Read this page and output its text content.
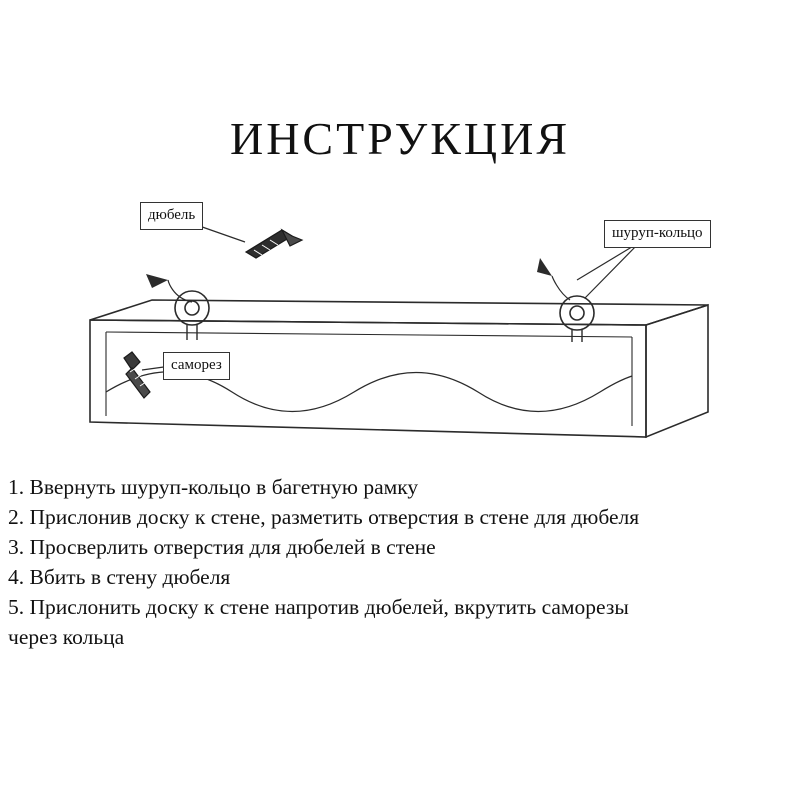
ИНСТРУКЦИЯ
дюбель
шуруп-кольцо
саморез
1. Ввернуть шуруп-кольцо в багетную рамку
2. Прислонив доску к стене, разметить отверстия в стене для дюбеля
3. Просверлить отверстия для дюбелей в стене
4. Вбить в стену дюбеля
5. Прислонить доску к стене напротив дюбелей, вкрутить саморезы
через кольца
